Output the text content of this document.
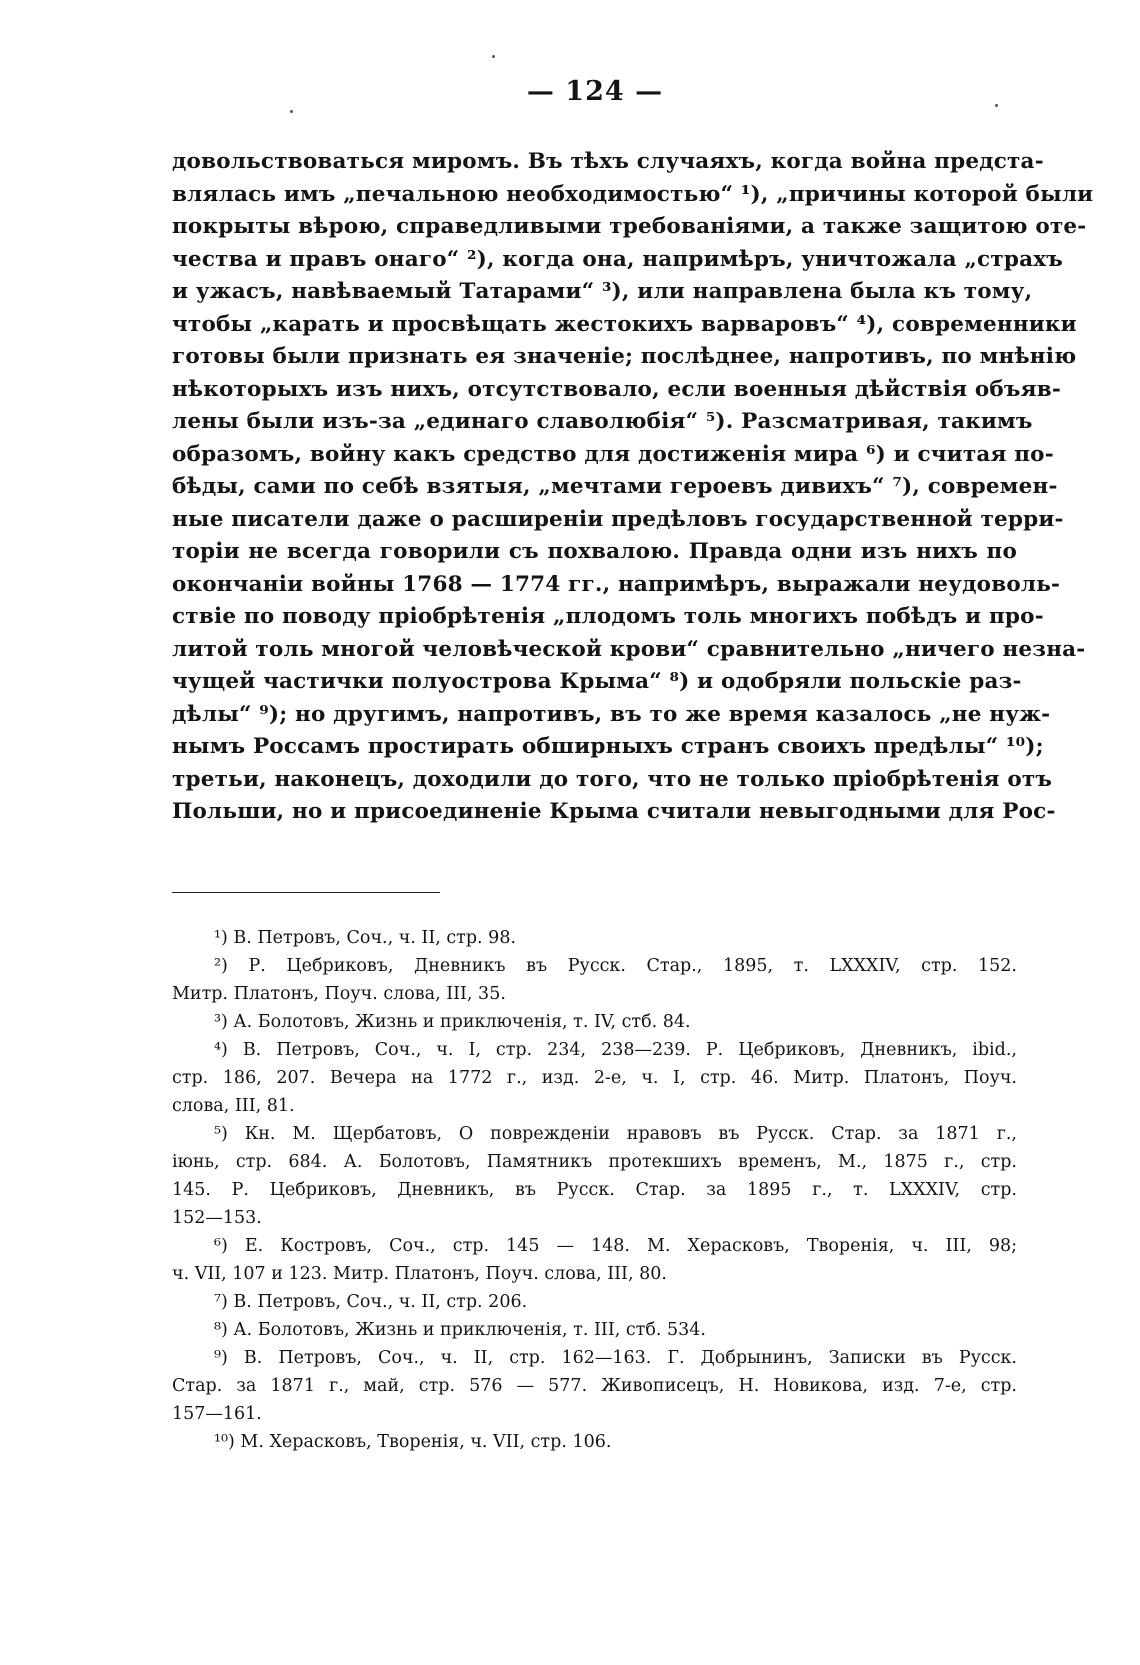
— 124 —
довольствоваться миромъ. Въ тѣхъ случаяхъ, когда война предста-
влялась имъ „печальною необходимостью“ ¹), „причины которой были
покрыты вѣрою, справедливыми требованіями, а также защитою оте-
чества и правъ онаго“ ²), когда она, напримѣръ, уничтожала „страхъ
и ужасъ, навѣваемый Татарами“ ³), или направлена была къ тому,
чтобы „карать и просвѣщать жестокихъ варваровъ“ ⁴), современники
готовы были признать ея значеніе; послѣднее, напротивъ, по мнѣнію
нѣкоторыхъ изъ нихъ, отсутствовало, если военныя дѣйствія объяв-
лены были изъ-за „единаго славолюбія“ ⁵). Разсматривая, такимъ
образомъ, войну какъ средство для достиженія мира ⁶) и считая по-
бѣды, сами по себѣ взятыя, „мечтами героевъ дивихъ“ ⁷), современ-
ные писатели даже о расширеніи предѣловъ государственной терри-
торіи не всегда говорили съ похвалою. Правда одни изъ нихъ по
окончаніи войны 1768 — 1774 гг., напримѣръ, выражали неудоволь-
ствіе по поводу пріобрѣтенія „плодомъ толь многихъ побѣдъ и про-
литой толь многой человѣческой крови“ сравнительно „ничего незна-
чущей частички полуострова Крыма“ ⁸) и одобряли польскіе раз-
дѣлы“ ⁹); но другимъ, напротивъ, въ то же время казалось „не нуж-
нымъ Россамъ простирать обширныхъ странъ своихъ предѣлы“ ¹⁰);
третьи, наконецъ, доходили до того, что не только пріобрѣтенія отъ
Польши, но и присоединеніе Крыма считали невыгодными для Рос-
¹) В. Петровъ, Соч., ч. II, стр. 98.
²) Р. Цебриковъ, Дневникъ въ Русск. Стар., 1895, т. LXXXIV, стр. 152.
Митр. Платонъ, Поуч. слова, III, 35.
³) А. Болотовъ, Жизнь и приключенія, т. IV, стб. 84.
⁴) В. Петровъ, Соч., ч. I, стр. 234, 238—239. Р. Цебриковъ, Дневникъ, ibid.,
стр. 186, 207. Вечера на 1772 г., изд. 2-е, ч. I, стр. 46. Митр. Платонъ, Поуч.
слова, III, 81.
⁵) Кн. М. Щербатовъ, О поврежденіи нравовъ въ Русск. Стар. за 1871 г.,
іюнь, стр. 684. А. Болотовъ, Памятникъ протекшихъ временъ, М., 1875 г., стр.
145. Р. Цебриковъ, Дневникъ, въ Русск. Стар. за 1895 г., т. LXXXIV, стр.
152—153.
⁶) Е. Костровъ, Соч., стр. 145 — 148. М. Херасковъ, Творенія, ч. III, 98;
ч. VII, 107 и 123. Митр. Платонъ, Поуч. слова, III, 80.
⁷) В. Петровъ, Соч., ч. II, стр. 206.
⁸) А. Болотовъ, Жизнь и приключенія, т. III, стб. 534.
⁹) В. Петровъ, Соч., ч. II, стр. 162—163. Г. Добрынинъ, Записки въ Русск.
Стар. за 1871 г., май, стр. 576 — 577. Живописецъ, Н. Новикова, изд. 7-е, стр.
157—161.
¹⁰) М. Херасковъ, Творенія, ч. VII, стр. 106.
